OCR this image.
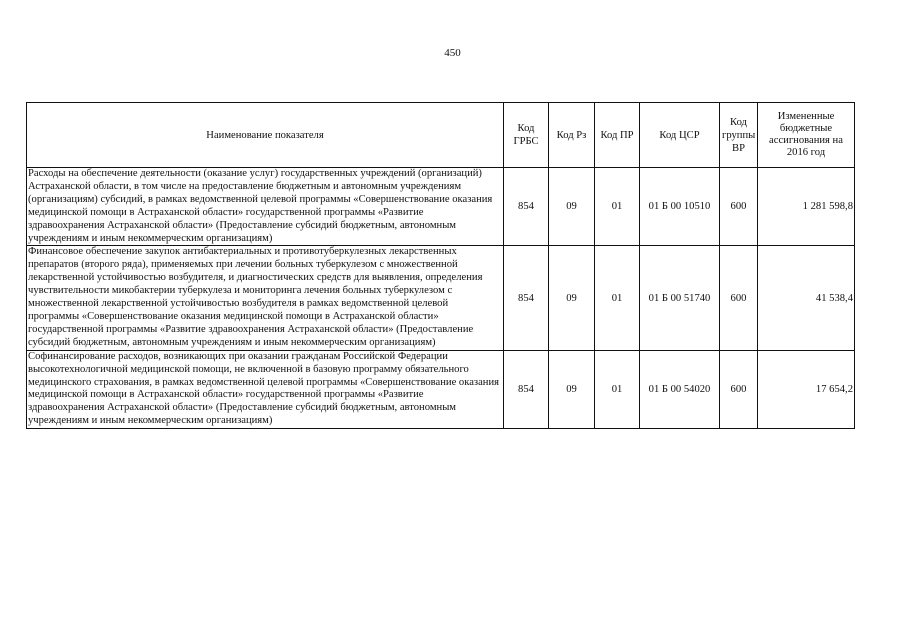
450
Наименование показателя	Код ГРБС	Код Рз	Код ПР	Код ЦСР	Код группы ВР	Измененные бюджетные ассигнования на 2016 год
Расходы на обеспечение деятельности (оказание услуг) государственных учреждений (организаций) Астраханской области, в том числе на предоставление бюджетным и автономным учреждениям (организациям) субсидий, в рамках ведомственной целевой программы «Совершенствование оказания медицинской помощи в Астраханской области» государственной программы «Развитие здравоохранения Астраханской области» (Предоставление субсидий бюджетным, автономным учреждениям и иным некоммерческим организациям)	854	09	01	01 Б 00 10510	600	1 281 598,8
Финансовое обеспечение закупок антибактериальных и противотуберкулезных лекарственных препаратов (второго ряда), применяемых при лечении больных туберкулезом с множественной лекарственной устойчивостью возбудителя, и диагностических средств для выявления, определения чувствительности микобактерии туберкулеза и мониторинга лечения больных туберкулезом с множественной лекарственной устойчивостью возбудителя в рамках ведомственной целевой программы «Совершенствование оказания медицинской помощи в Астраханской области» государственной программы «Развитие здравоохранения Астраханской области» (Предоставление субсидий бюджетным, автономным учреждениям и иным некоммерческим организациям)	854	09	01	01 Б 00 51740	600	41 538,4
Софинансирование расходов, возникающих при оказании гражданам Российской Федерации высокотехнологичной медицинской помощи, не включенной в базовую программу обязательного медицинского страхования, в рамках ведомственной целевой программы «Совершенствование оказания медицинской помощи в Астраханской области» государственной программы «Развитие здравоохранения Астраханской области» (Предоставление субсидий бюджетным, автономным учреждениям и иным некоммерческим организациям)	854	09	01	01 Б 00 54020	600	17 654,2
